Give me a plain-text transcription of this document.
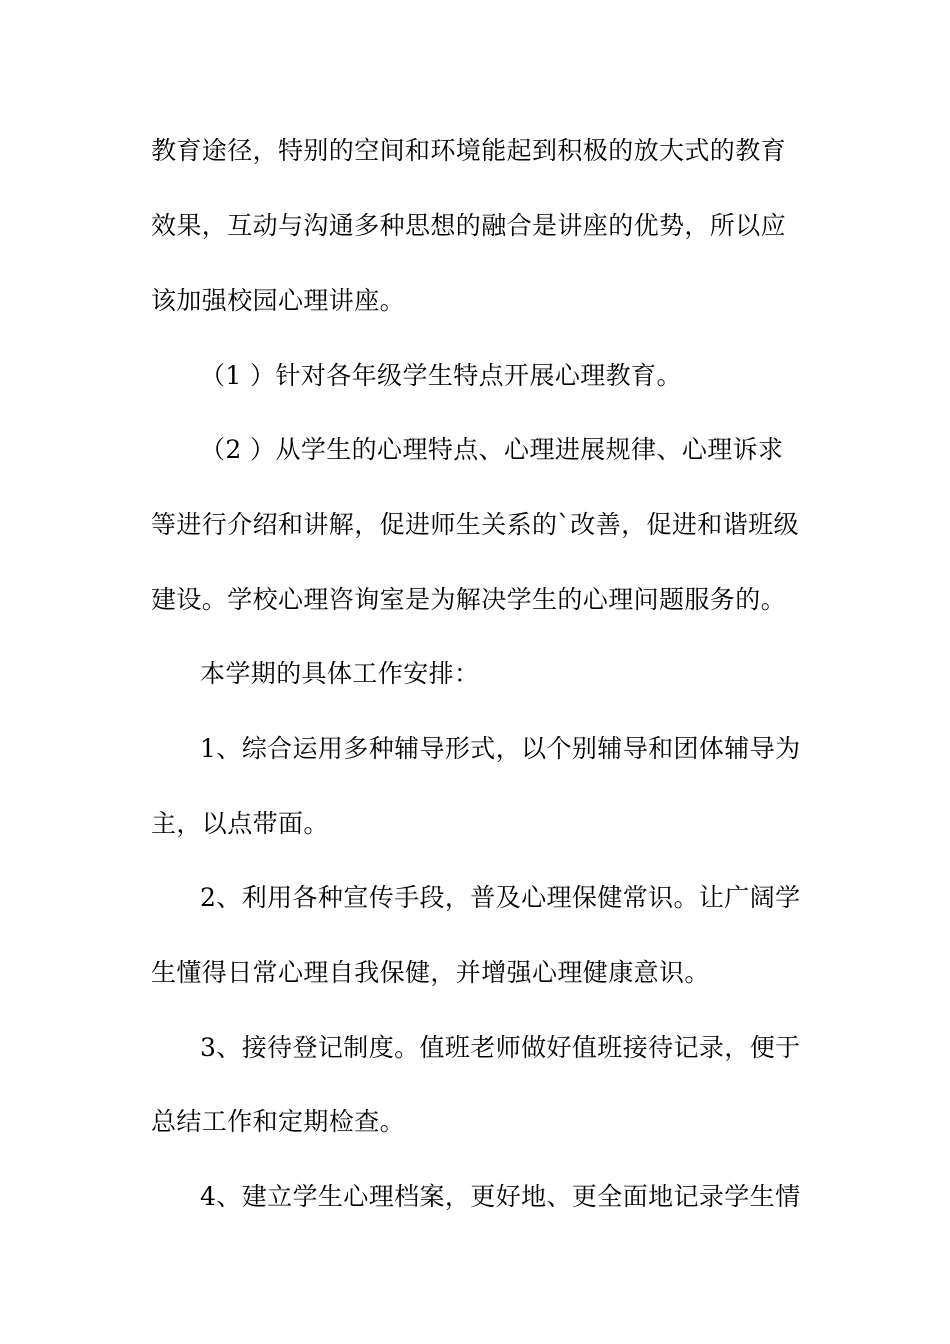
教育途径，特别的空间和环境能起到积极的放大式的教育
效果，互动与沟通多种思想的融合是讲座的优势，所以应
该加强校园心理讲座。
（1 ）针对各年级学生特点开展心理教育。
（2 ）从学生的心理特点、心理进展规律、心理诉求
等进行介绍和讲解，促进师生关系的`改善，促进和谐班级
建设。学校心理咨询室是为解决学生的心理问题服务的。
本学期的具体工作安排：
1、综合运用多种辅导形式，以个别辅导和团体辅导为
主，以点带面。
2、利用各种宣传手段，普及心理保健常识。让广阔学
生懂得日常心理自我保健，并增强心理健康意识。
3、接待登记制度。值班老师做好值班接待记录，便于
总结工作和定期检查。
4、建立学生心理档案，更好地、更全面地记录学生情
